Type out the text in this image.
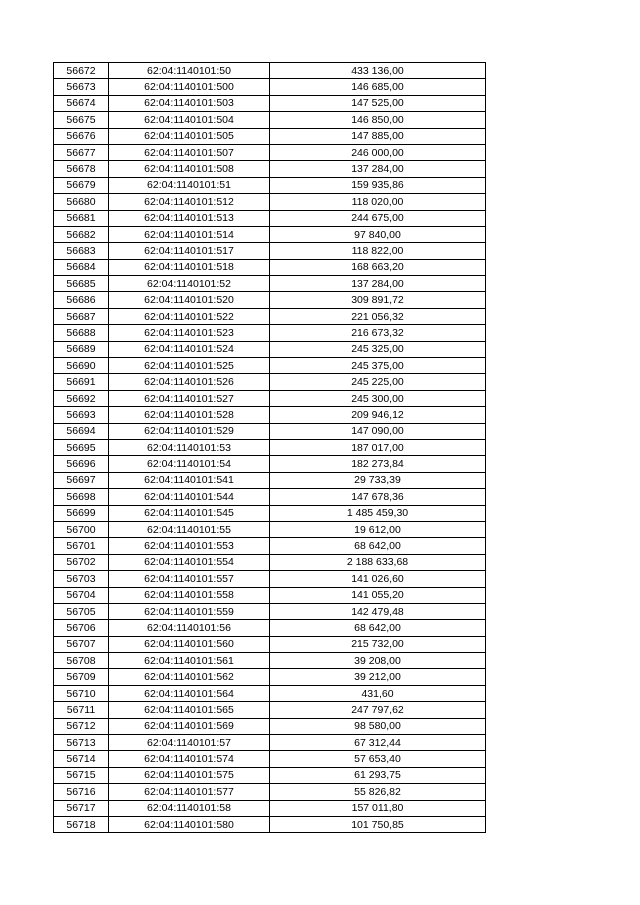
56672	62:04:1140101:50	433 136,00
56673	62:04:1140101:500	146 685,00
56674	62:04:1140101:503	147 525,00
56675	62:04:1140101:504	146 850,00
56676	62:04:1140101:505	147 885,00
56677	62:04:1140101:507	246 000,00
56678	62:04:1140101:508	137 284,00
56679	62:04:1140101:51	159 935,86
56680	62:04:1140101:512	118 020,00
56681	62:04:1140101:513	244 675,00
56682	62:04:1140101:514	97 840,00
56683	62:04:1140101:517	118 822,00
56684	62:04:1140101:518	168 663,20
56685	62:04:1140101:52	137 284,00
56686	62:04:1140101:520	309 891,72
56687	62:04:1140101:522	221 056,32
56688	62:04:1140101:523	216 673,32
56689	62:04:1140101:524	245 325,00
56690	62:04:1140101:525	245 375,00
56691	62:04:1140101:526	245 225,00
56692	62:04:1140101:527	245 300,00
56693	62:04:1140101:528	209 946,12
56694	62:04:1140101:529	147 090,00
56695	62:04:1140101:53	187 017,00
56696	62:04:1140101:54	182 273,84
56697	62:04:1140101:541	29 733,39
56698	62:04:1140101:544	147 678,36
56699	62:04:1140101:545	1 485 459,30
56700	62:04:1140101:55	19 612,00
56701	62:04:1140101:553	68 642,00
56702	62:04:1140101:554	2 188 633,68
56703	62:04:1140101:557	141 026,60
56704	62:04:1140101:558	141 055,20
56705	62:04:1140101:559	142 479,48
56706	62:04:1140101:56	68 642,00
56707	62:04:1140101:560	215 732,00
56708	62:04:1140101:561	39 208,00
56709	62:04:1140101:562	39 212,00
56710	62:04:1140101:564	431,60
56711	62:04:1140101:565	247 797,62
56712	62:04:1140101:569	98 580,00
56713	62:04:1140101:57	67 312,44
56714	62:04:1140101:574	57 653,40
56715	62:04:1140101:575	61 293,75
56716	62:04:1140101:577	55 826,82
56717	62:04:1140101:58	157 011,80
56718	62:04:1140101:580	101 750,85
